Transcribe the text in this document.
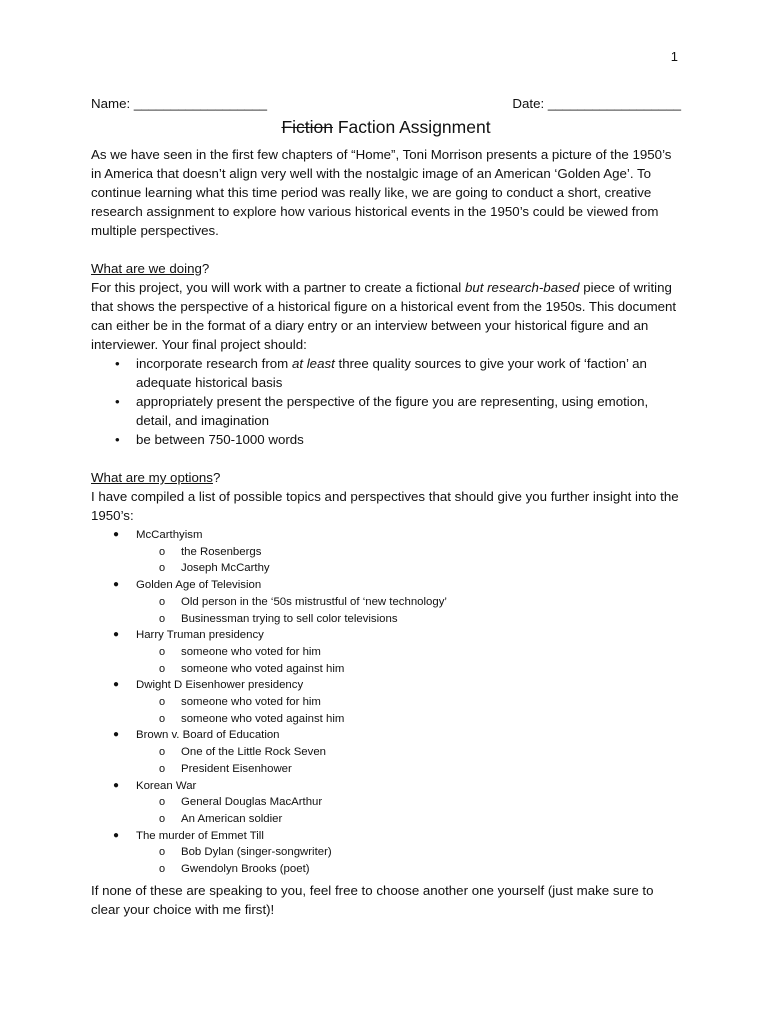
1
Name: __________________	Date: __________________
Fiction Faction Assignment

As we have seen in the first few chapters of “Home”, Toni Morrison presents a picture of the 1950’s in America that doesn’t align very well with the nostalgic image of an American ‘Golden Age’. To continue learning what this time period was really like, we are going to conduct a short, creative research assignment to explore how various historical events in the 1950’s could be viewed from multiple perspectives.

What are we doing?

For this project, you will work with a partner to create a fictional but research-based piece of writing that shows the perspective of a historical figure on a historical event from the 1950s. This document can either be in the format of a diary entry or an interview between your historical figure and an interviewer. Your final project should:

• incorporate research from at least three quality sources to give your work of ‘faction’ an adequate historical basis
• appropriately present the perspective of the figure you are representing, using emotion, detail, and imagination
• be between 750-1000 words

What are my options?

I have compiled a list of possible topics and perspectives that should give you further insight into the 1950’s:

● McCarthyism
o the Rosenbergs
o Joseph McCarthy
● Golden Age of Television
o Old person in the ‘50s mistrustful of ‘new technology’
o Businessman trying to sell color televisions
● Harry Truman presidency
o someone who voted for him
o someone who voted against him
● Dwight D Eisenhower presidency
o someone who voted for him
o someone who voted against him
● Brown v. Board of Education
o One of the Little Rock Seven
o President Eisenhower
● Korean War
o General Douglas MacArthur
o An American soldier
● The murder of Emmet Till
o Bob Dylan (singer-songwriter)
o Gwendolyn Brooks (poet)

If none of these are speaking to you, feel free to choose another one yourself (just make sure to clear your choice with me first)!
